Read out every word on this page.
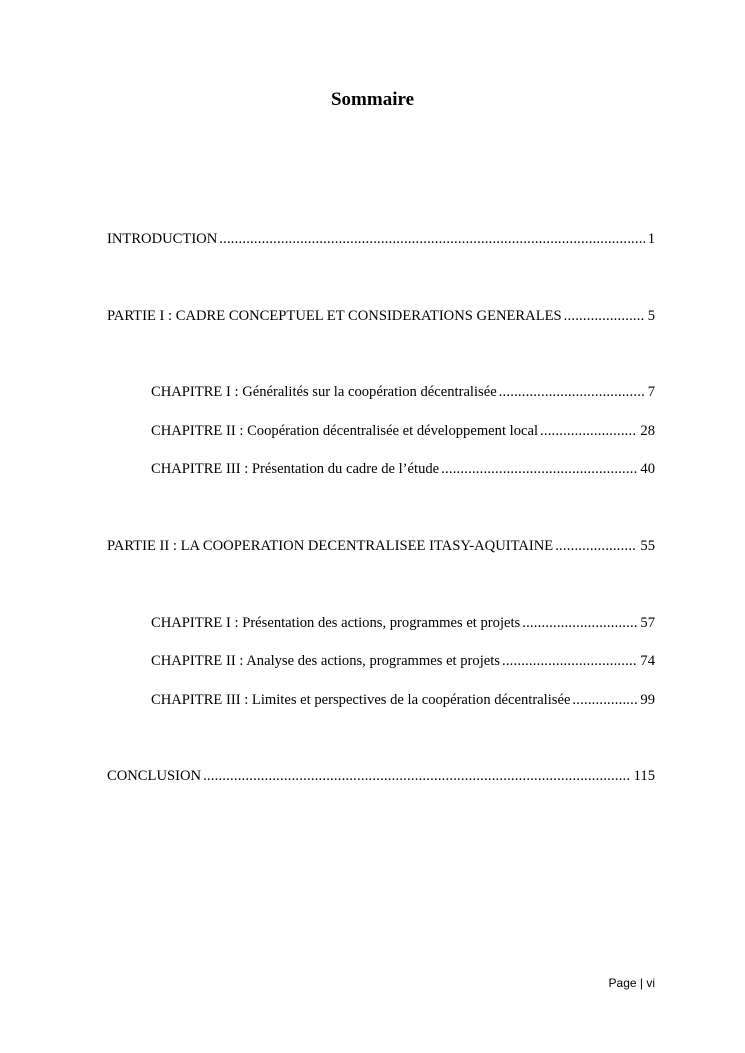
Sommaire
INTRODUCTION .....	1
PARTIE I : CADRE CONCEPTUEL ET CONSIDERATIONS GENERALES .....	5
CHAPITRE I : Généralités sur la coopération décentralisée .....	7
CHAPITRE II : Coopération décentralisée et développement local .....	28
CHAPITRE III : Présentation du cadre de l’étude .....	40
PARTIE II : LA COOPERATION DECENTRALISEE ITASY-AQUITAINE .....	55
CHAPITRE I : Présentation des actions, programmes et projets .....	57
CHAPITRE II : Analyse des actions, programmes et projets .....	74
CHAPITRE III : Limites et perspectives de la coopération décentralisée .....	99
CONCLUSION .....	115
Page | vi
